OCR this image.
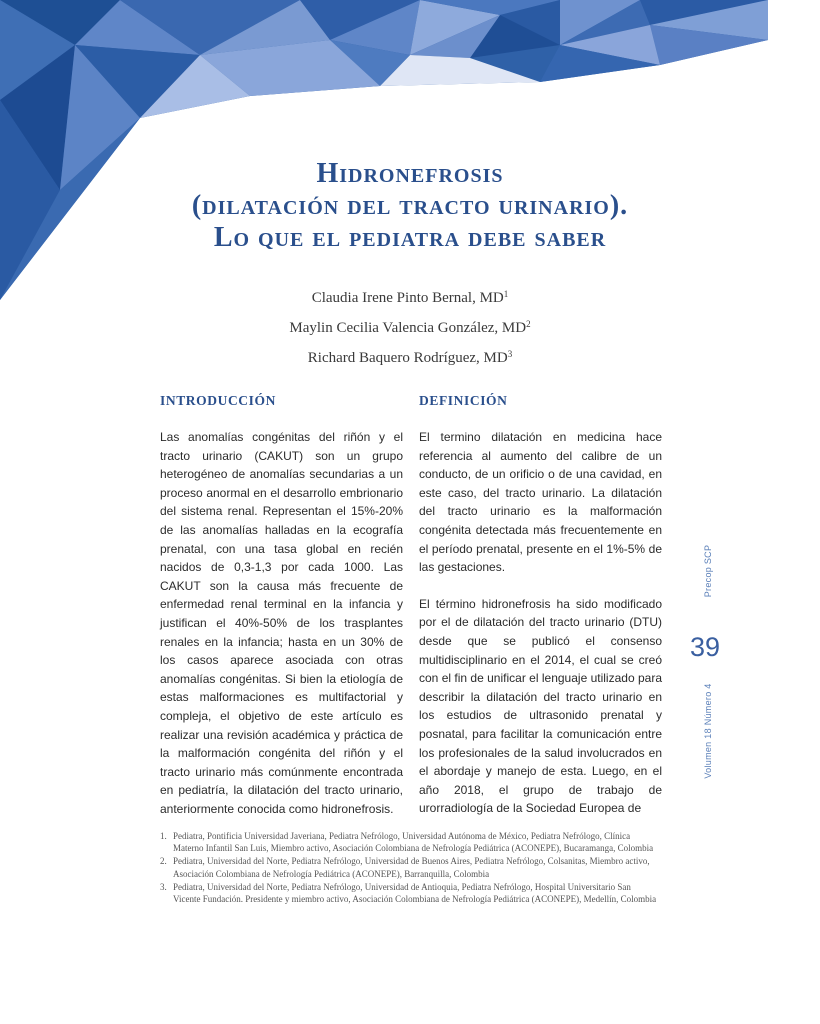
Hidronefrosis
(dilatación del tracto urinario).
Lo que el pediatra debe saber
Claudia Irene Pinto Bernal, $MD^1$
Maylin Cecilia Valencia González, $MD^2$
Richard Baquero Rodríguez, $MD^3$
INTRODUCCIÓN	DEFINICIÓN

Las anomalías congénitas del riñón y el tracto urinario (CAKUT) son un grupo heterogéneo de anomalías secundarias a un proceso anormal en el desarrollo embrionario del sistema renal. Representan el 15%-20% de las anomalías halladas en la ecografía prenatal, con una tasa global en recién nacidos de 0,3-1,3 por cada 1000. Las CAKUT son la causa más frecuente de enfermedad renal terminal en la infancia y justifican el 40%-50% de los trasplantes renales en la infancia; hasta en un 30% de los casos aparece asociada con otras anomalías congénitas. Si bien la etiología de estas malformaciones es multifactorial y compleja, el objetivo de este artículo es realizar una revisión académica y práctica de la malformación congénita del riñón y el tracto urinario más comúnmente encontrada en pediatría, la dilatación del tracto urinario, anteriormente conocida como hidronefrosis.

El termino dilatación en medicina hace referencia al aumento del calibre de un conducto, de un orificio o de una cavidad, en este caso, del tracto urinario. La dilatación del tracto urinario es la malformación congénita detectada más frecuentemente en el período prenatal, presente en el 1%-5% de las gestaciones.

El término hidronefrosis ha sido modificado por el de dilatación del tracto urinario (DTU) desde que se publicó el consenso multidisciplinario en el 2014, el cual se creó con el fin de unificar el lenguaje utilizado para describir la dilatación del tracto urinario en los estudios de ultrasonido prenatal y posnatal, para facilitar la comunicación entre los profesionales de la salud involucrados en el abordaje y manejo de esta. Luego, en el año 2018, el grupo de trabajo de urorradiología de la Sociedad Europea de

Precop SCP
39
Volumen 18 Número 4
1. Pediatra, Pontificia Universidad Javeriana, Pediatra Nefrólogo, Universidad Autónoma de México, Pediatra Nefrólogo, Clínica Materno Infantil San Luis, Miembro activo, Asociación Colombiana de Nefrología Pediátrica (ACONEPE), Bucaramanga, Colombia
2. Pediatra, Universidad del Norte, Pediatra Nefrólogo, Universidad de Buenos Aires, Pediatra Nefrólogo, Colsanitas, Miembro activo, Asociación Colombiana de Nefrología Pediátrica (ACONEPE), Barranquilla, Colombia
3. Pediatra, Universidad del Norte, Pediatra Nefrólogo, Universidad de Antioquia, Pediatra Nefrólogo, Hospital Universitario San Vicente Fundación. Presidente y miembro activo, Asociación Colombiana de Nefrología Pediátrica (ACONEPE), Medellín, Colombia
